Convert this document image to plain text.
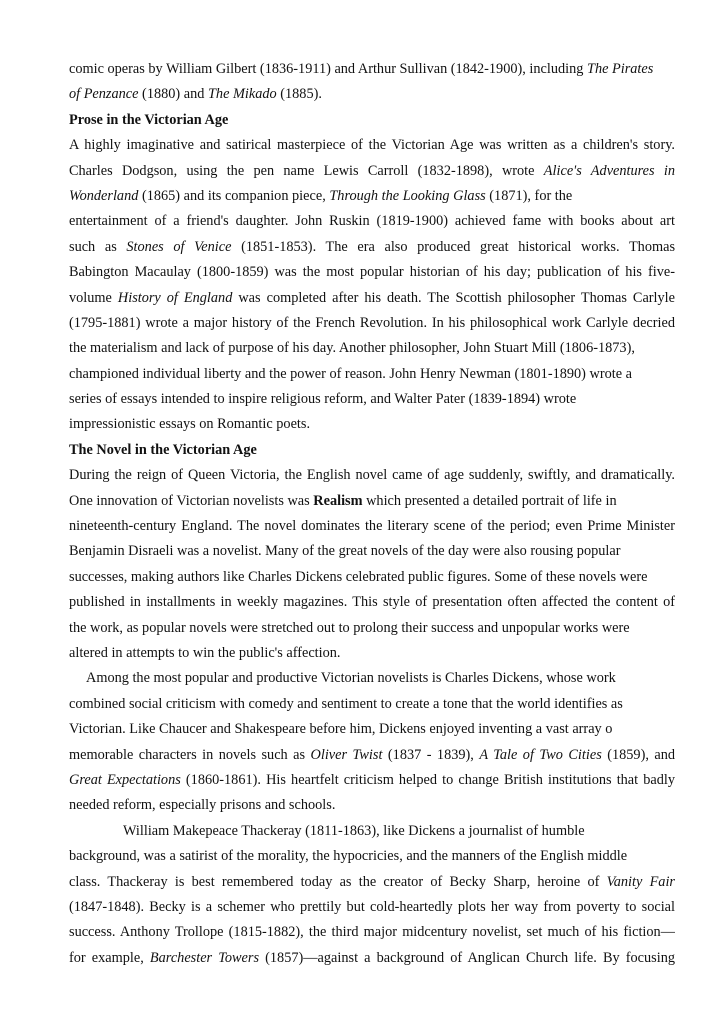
comic operas by William Gilbert (1836-1911) and Arthur Sullivan (1842-1900), including The Pirates
of Penzance (1880) and The Mikado (1885).
Prose in the Victorian Age
A highly imaginative and satirical masterpiece of the Victorian Age was written as a children's story.
Charles Dodgson, using the pen name Lewis Carroll (1832-1898), wrote Alice's Adventures in
Wonderland (1865) and its companion piece, Through the Looking Glass (1871), for the
entertainment of a friend's daughter. John Ruskin (1819-1900) achieved fame with books about art
such as Stones of Venice (1851-1853). The era also produced great historical works. Thomas
Babington Macaulay (1800-1859) was the most popular historian of his day; publication of his five-
volume History of England was completed after his death. The Scottish philosopher Thomas Carlyle
(1795-1881) wrote a major history of the French Revolution. In his philosophical work Carlyle decried
the materialism and lack of purpose of his day. Another philosopher, John Stuart Mill (1806-1873),
championed individual liberty and the power of reason. John Henry Newman (1801-1890) wrote a
series of essays intended to inspire religious reform, and Walter Pater (1839-1894) wrote
impressionistic essays on Romantic poets.
The Novel in the Victorian Age
During the reign of Queen Victoria, the English novel came of age suddenly, swiftly, and dramatically.
One innovation of Victorian novelists was Realism which presented a detailed portrait of life in
nineteenth-century England. The novel dominates the literary scene of the period; even Prime Minister
Benjamin Disraeli was a novelist. Many of the great novels of the day were also rousing popular
successes, making authors like Charles Dickens celebrated public figures. Some of these novels were
published in installments in weekly magazines. This style of presentation often affected the content of
the work, as popular novels were stretched out to prolong their success and unpopular works were
altered in attempts to win the public's affection.
Among the most popular and productive Victorian novelists is Charles Dickens, whose work
combined social criticism with comedy and sentiment to create a tone that the world identifies as
Victorian. Like Chaucer and Shakespeare before him, Dickens enjoyed inventing a vast array o
memorable characters in novels such as Oliver Twist (1837 - 1839), A Tale of Two Cities (1859), and
Great Expectations (1860-1861). His heartfelt criticism helped to change British institutions that badly
needed reform, especially prisons and schools.
William Makepeace Thackeray (1811-1863), like Dickens a journalist of humble
background, was a satirist of the morality, the hypocricies, and the manners of the English middle
class. Thackeray is best remembered today as the creator of Becky Sharp, heroine of Vanity Fair
(1847-1848). Becky is a schemer who prettily but cold-heartedly plots her way from poverty to social
success. Anthony Trollope (1815-1882), the third major midcentury novelist, set much of his fiction—
for example, Barchester Towers (1857)—against a background of Anglican Church life. By focusing
